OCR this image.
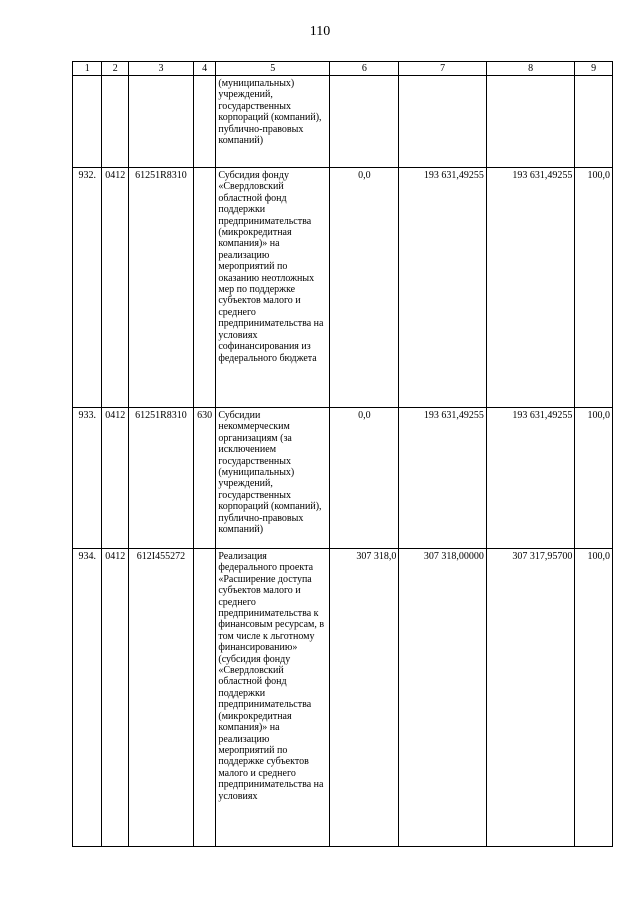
110
1	2	3	4	5	6	7	8	9
				(муниципальных) учреждений, государственных корпораций (компаний), публично-правовых компаний)				
932.	0412	61251R8310		Субсидия фонду «Свердловский областной фонд поддержки предпринимательства (микрокредитная компания)» на реализацию мероприятий по оказанию неотложных мер по поддержке субъектов малого и среднего предпринимательства на условиях софинансирования из федерального бюджета	0,0	193 631,49255	193 631,49255	100,0
933.	0412	61251R8310	630	Субсидии некоммерческим организациям (за исключением государственных (муниципальных) учреждений, государственных корпораций (компаний), публично-правовых компаний)	0,0	193 631,49255	193 631,49255	100,0
934.	0412	612I455272		Реализация федерального проекта «Расширение доступа субъектов малого и среднего предпринимательства к финансовым ресурсам, в том числе к льготному финансированию» (субсидия фонду «Свердловский областной фонд поддержки предпринимательства (микрокредитная компания)» на реализацию мероприятий по поддержке субъектов малого и среднего предпринимательства на условиях	307 318,0	307 318,00000	307 317,95700	100,0
